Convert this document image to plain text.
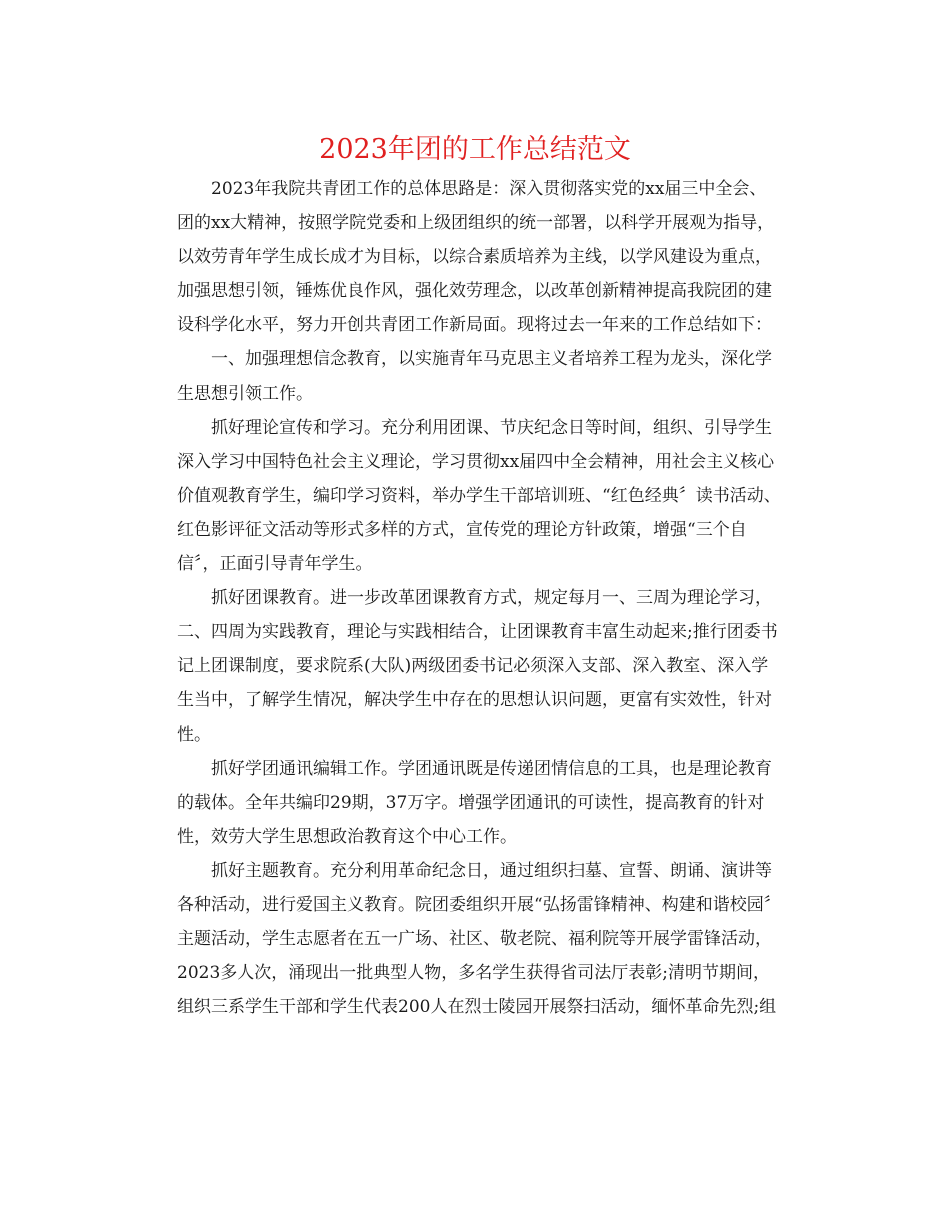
2023年团的工作总结范文
2023年我院共青团工作的总体思路是：深入贯彻落实党的xx届三中全会、
团的xx大精神，按照学院党委和上级团组织的统一部署，以科学开展观为指导，
以效劳青年学生成长成才为目标，以综合素质培养为主线，以学风建设为重点，
加强思想引领，锤炼优良作风，强化效劳理念，以改革创新精神提高我院团的建
设科学化水平，努力开创共青团工作新局面。现将过去一年来的工作总结如下：
一、加强理想信念教育，以实施青年马克思主义者培养工程为龙头，深化学
生思想引领工作。
抓好理论宣传和学习。充分利用团课、节庆纪念日等时间，组织、引导学生
深入学习中国特色社会主义理论，学习贯彻xx届四中全会精神，用社会主义核心
价值观教育学生，编印学习资料，举办学生干部培训班、“红色经典〞读书活动、
红色影评征文活动等形式多样的方式，宣传党的理论方针政策，增强“三个自
信〞，正面引导青年学生。
抓好团课教育。进一步改革团课教育方式，规定每月一、三周为理论学习，
二、四周为实践教育，理论与实践相结合，让团课教育丰富生动起来;推行团委书
记上团课制度，要求院系(大队)两级团委书记必须深入支部、深入教室、深入学
生当中，了解学生情况，解决学生中存在的思想认识问题，更富有实效性，针对
性。
抓好学团通讯编辑工作。学团通讯既是传递团情信息的工具，也是理论教育
的载体。全年共编印29期，37万字。增强学团通讯的可读性，提高教育的针对
性，效劳大学生思想政治教育这个中心工作。
抓好主题教育。充分利用革命纪念日，通过组织扫墓、宣誓、朗诵、演讲等
各种活动，进行爱国主义教育。院团委组织开展“弘扬雷锋精神、构建和谐校园〞
主题活动，学生志愿者在五一广场、社区、敬老院、福利院等开展学雷锋活动，
2023多人次，涌现出一批典型人物，多名学生获得省司法厅表彰;清明节期间，
组织三系学生干部和学生代表200人在烈士陵园开展祭扫活动，缅怀革命先烈;组
